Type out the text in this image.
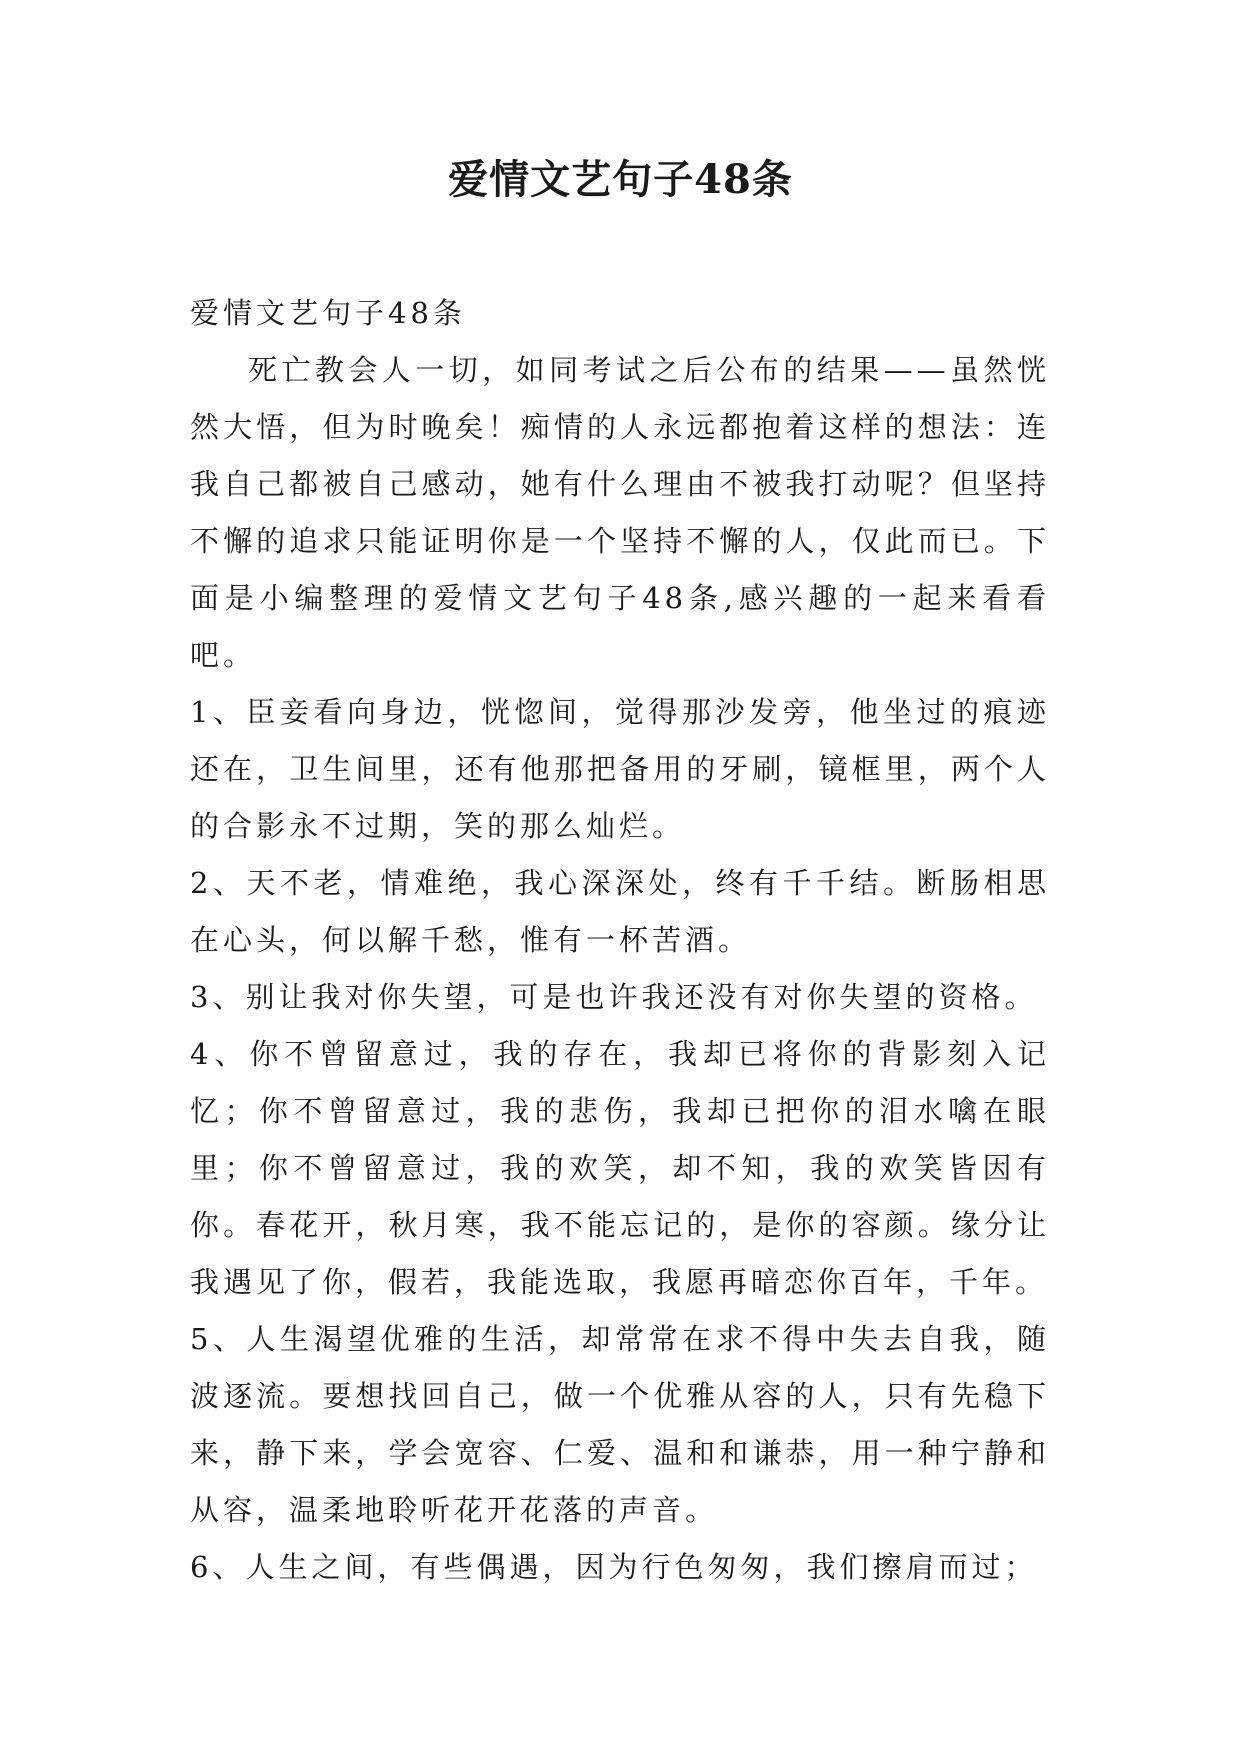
爱情文艺句子48条

爱情文艺句子48条

死亡教会人一切，如同考试之后公布的结果——虽然恍然大悟，但为时晚矣！痴情的人永远都抱着这样的想法：连我自己都被自己感动，她有什么理由不被我打动呢？但坚持不懈的追求只能证明你是一个坚持不懈的人，仅此而已。下面是小编整理的爱情文艺句子48条,感兴趣的一起来看看吧。

1、臣妾看向身边，恍惚间，觉得那沙发旁，他坐过的痕迹还在，卫生间里，还有他那把备用的牙刷，镜框里，两个人的合影永不过期，笑的那么灿烂。

2、天不老，情难绝，我心深深处，终有千千结。断肠相思在心头，何以解千愁，惟有一杯苦酒。

3、别让我对你失望，可是也许我还没有对你失望的资格。

4、你不曾留意过，我的存在，我却已将你的背影刻入记忆；你不曾留意过，我的悲伤，我却已把你的泪水噙在眼里；你不曾留意过，我的欢笑，却不知，我的欢笑皆因有你。春花开，秋月寒，我不能忘记的，是你的容颜。缘分让我遇见了你，假若，我能选取，我愿再暗恋你百年，千年。

5、人生渴望优雅的生活，却常常在求不得中失去自我，随波逐流。要想找回自己，做一个优雅从容的人，只有先稳下来，静下来，学会宽容、仁爱、温和和谦恭，用一种宁静和从容，温柔地聆听花开花落的声音。

6、人生之间，有些偶遇，因为行色匆匆，我们擦肩而过；
